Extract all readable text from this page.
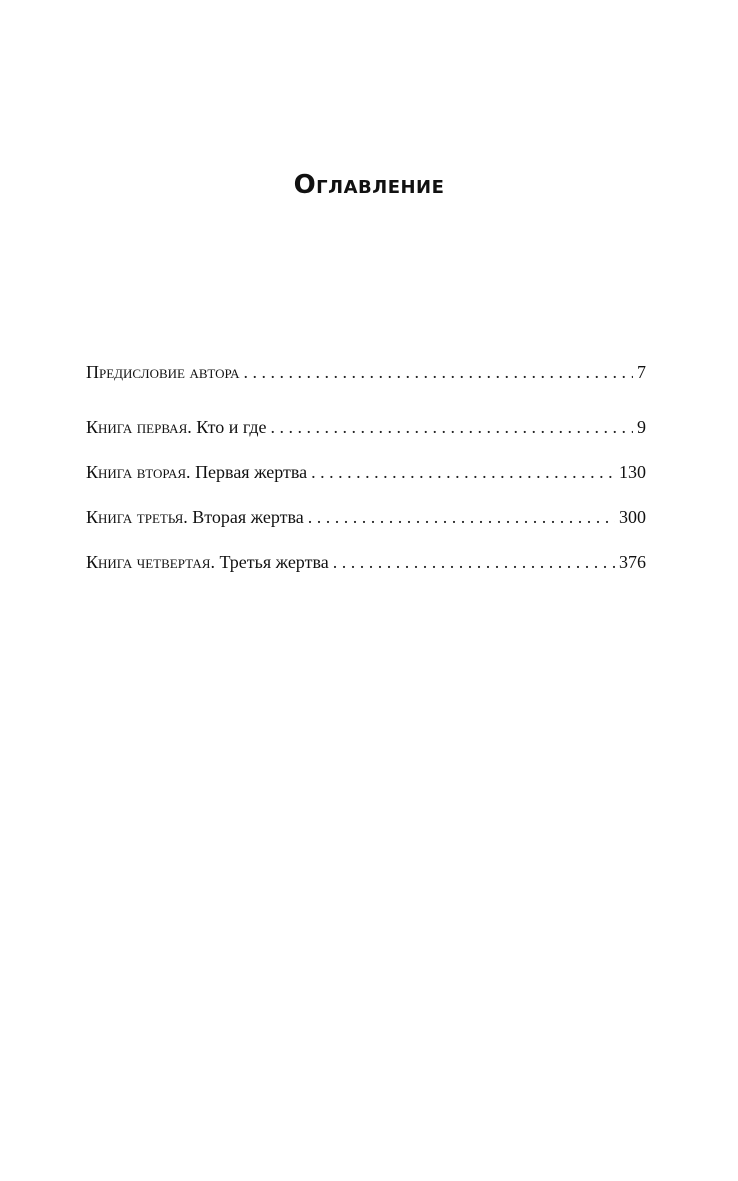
Оглавление
Предисловие автора . . .	7
Книга первая. Кто и где . . .	9
Книга вторая. Первая жертва . . .	130
Книга третья. Вторая жертва . . .	300
Книга четвертая. Третья жертва . . .	376
